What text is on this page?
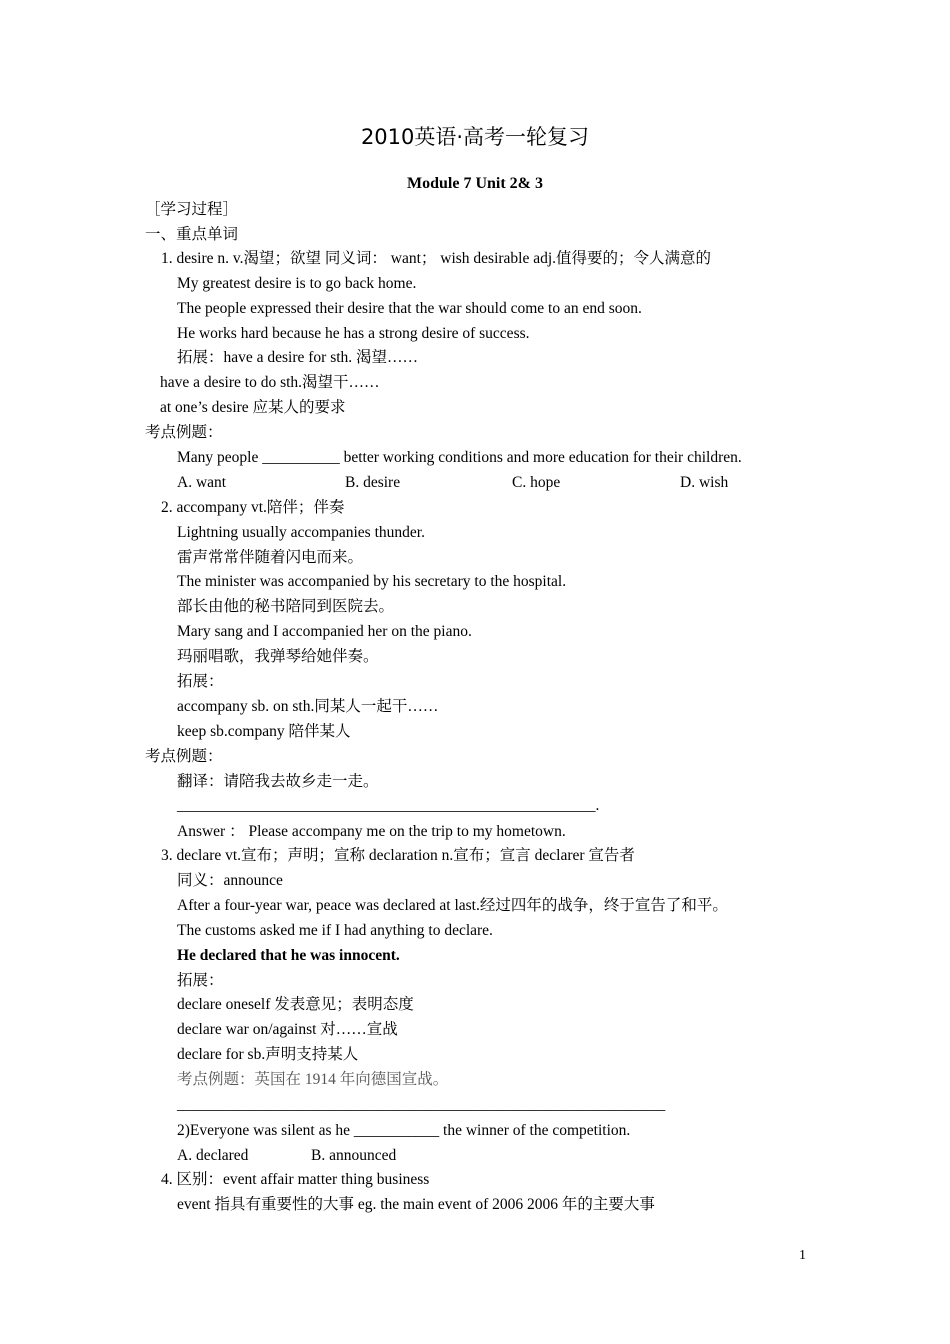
2010英语·高考一轮复习
Module 7 Unit 2& 3
［学习过程］
一、重点单词
1. desire n. v.渴望；欲望 同义词： want； wish desirable adj.值得要的；令人满意的
My greatest desire is to go back home.
The people expressed their desire that the war should come to an end soon.
He works hard because he has a strong desire of success.
拓展：have a desire for sth. 渴望……
have a desire to do sth.渴望干……
at one’s desire 应某人的要求
考点例题：
Many people __________ better working conditions and more education for their children.
A. want	B. desire	C. hope	D. wish
2. accompany vt.陪伴；伴奏
Lightning usually accompanies thunder.
雷声常常伴随着闪电而来。
The minister was accompanied by his secretary to the hospital.
部长由他的秘书陪同到医院去。
Mary sang and I accompanied her on the piano.
玛丽唱歌，我弹琴给她伴奏。
拓展：
accompany sb. on sth.同某人一起干……
keep sb.company 陪伴某人
考点例题：
翻译：请陪我去故乡走一走。
______________________________________________________.
Answer ： Please accompany me on the trip to my hometown.
3. declare vt.宣布；声明；宣称 declaration n.宣布；宣言 declarer 宣告者
同义：announce
After a four-year war, peace was declared at last.经过四年的战争，终于宣告了和平。
The customs asked me if I had anything to declare.
He declared that he was innocent.
拓展：
declare oneself 发表意见；表明态度
declare war on/against 对……宣战
declare for sb.声明支持某人
考点例题：英国在 1914 年向德国宣战。
_______________________________________________________________
2)Everyone was silent as he ___________ the winner of the competition.
A. declared	B. announced
4. 区别：event affair matter thing business
event 指具有重要性的大事 eg. the main event of 2006 2006 年的主要大事
1
